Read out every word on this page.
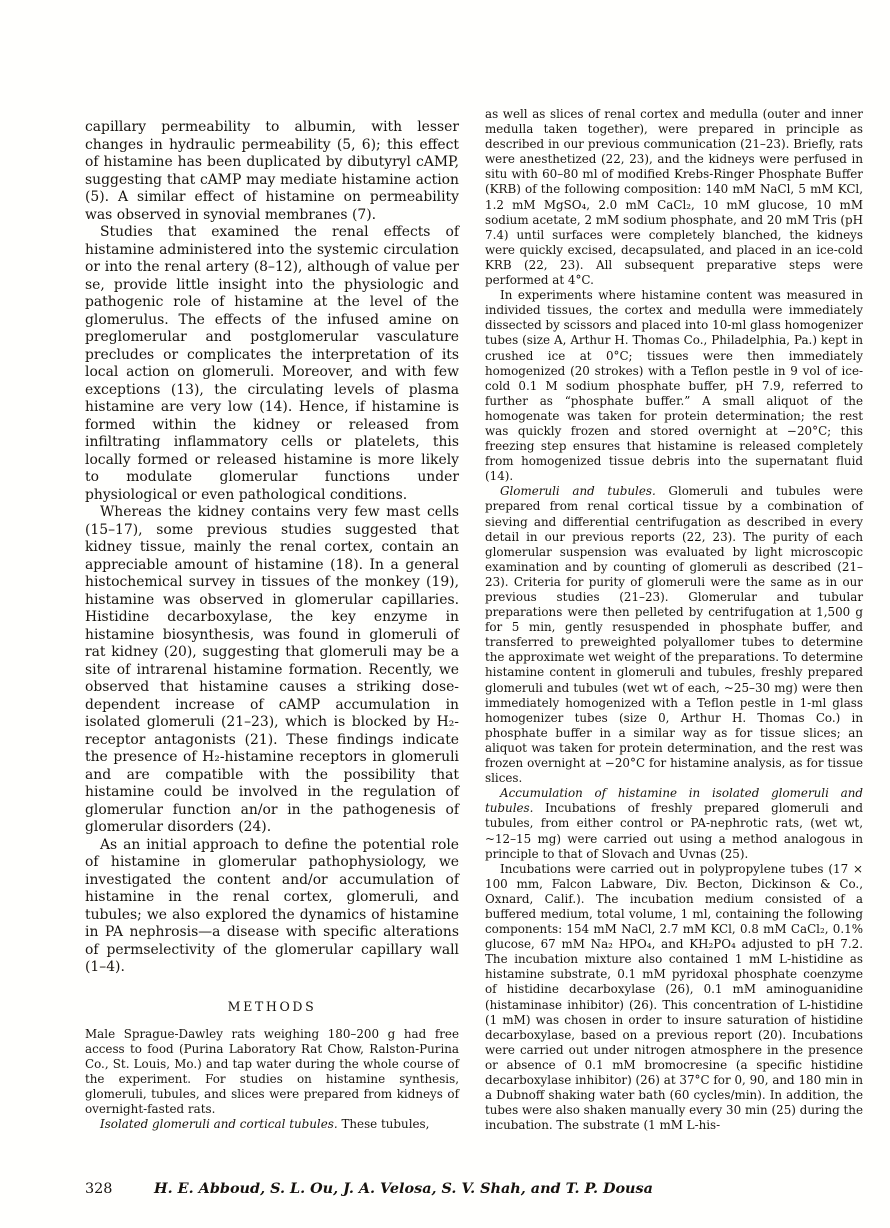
capillary permeability to albumin, with lesser changes in hydraulic permeability (5, 6); this effect of histamine has been duplicated by dibutyryl cAMP, suggesting that cAMP may mediate histamine action (5). A similar effect of histamine on permeability was observed in synovial membranes (7).

Studies that examined the renal effects of histamine administered into the systemic circulation or into the renal artery (8–12), although of value per se, provide little insight into the physiologic and pathogenic role of histamine at the level of the glomerulus. The effects of the infused amine on preglomerular and postglomerular vasculature precludes or complicates the interpretation of its local action on glomeruli. Moreover, and with few exceptions (13), the circulating levels of plasma histamine are very low (14). Hence, if histamine is formed within the kidney or released from infiltrating inflammatory cells or platelets, this locally formed or released histamine is more likely to modulate glomerular functions under physiological or even pathological conditions.

Whereas the kidney contains very few mast cells (15–17), some previous studies suggested that kidney tissue, mainly the renal cortex, contain an appreciable amount of histamine (18). In a general histochemical survey in tissues of the monkey (19), histamine was observed in glomerular capillaries. Histidine decarboxylase, the key enzyme in histamine biosynthesis, was found in glomeruli of rat kidney (20), suggesting that glomeruli may be a site of intrarenal histamine formation. Recently, we observed that histamine causes a striking dose-dependent increase of cAMP accumulation in isolated glomeruli (21–23), which is blocked by H₂-receptor antagonists (21). These findings indicate the presence of H₂-histamine receptors in glomeruli and are compatible with the possibility that histamine could be involved in the regulation of glomerular function an/or in the pathogenesis of glomerular disorders (24).

As an initial approach to define the potential role of histamine in glomerular pathophysiology, we investigated the content and/or accumulation of histamine in the renal cortex, glomeruli, and tubules; we also explored the dynamics of histamine in PA nephrosis—a disease with specific alterations of permselectivity of the glomerular capillary wall (1–4).

METHODS

Male Sprague-Dawley rats weighing 180–200 g had free access to food (Purina Laboratory Rat Chow, Ralston-Purina Co., St. Louis, Mo.) and tap water during the whole course of the experiment. For studies on histamine synthesis, glomeruli, tubules, and slices were prepared from kidneys of overnight-fasted rats.

Isolated glomeruli and cortical tubules. These tubules,

as well as slices of renal cortex and medulla (outer and inner medulla taken together), were prepared in principle as described in our previous communication (21–23). Briefly, rats were anesthetized (22, 23), and the kidneys were perfused in situ with 60–80 ml of modified Krebs-Ringer Phosphate Buffer (KRB) of the following composition: 140 mM NaCl, 5 mM KCl, 1.2 mM MgSO₄, 2.0 mM CaCl₂, 10 mM glucose, 10 mM sodium acetate, 2 mM sodium phosphate, and 20 mM Tris (pH 7.4) until surfaces were completely blanched, the kidneys were quickly excised, decapsulated, and placed in an ice-cold KRB (22, 23). All subsequent preparative steps were performed at 4°C.

In experiments where histamine content was measured in individed tissues, the cortex and medulla were immediately dissected by scissors and placed into 10-ml glass homogenizer tubes (size A, Arthur H. Thomas Co., Philadelphia, Pa.) kept in crushed ice at 0°C; tissues were then immediately homogenized (20 strokes) with a Teflon pestle in 9 vol of ice-cold 0.1 M sodium phosphate buffer, pH 7.9, referred to further as “phosphate buffer.” A small aliquot of the homogenate was taken for protein determination; the rest was quickly frozen and stored overnight at −20°C; this freezing step ensures that histamine is released completely from homogenized tissue debris into the supernatant fluid (14).

Glomeruli and tubules. Glomeruli and tubules were prepared from renal cortical tissue by a combination of sieving and differential centrifugation as described in every detail in our previous reports (22, 23). The purity of each glomerular suspension was evaluated by light microscopic examination and by counting of glomeruli as described (21–23). Criteria for purity of glomeruli were the same as in our previous studies (21–23). Glomerular and tubular preparations were then pelleted by centrifugation at 1,500 g for 5 min, gently resuspended in phosphate buffer, and transferred to preweighted polyallomer tubes to determine the approximate wet weight of the preparations. To determine histamine content in glomeruli and tubules, freshly prepared glomeruli and tubules (wet wt of each, ~25–30 mg) were then immediately homogenized with a Teflon pestle in 1-ml glass homogenizer tubes (size 0, Arthur H. Thomas Co.) in phosphate buffer in a similar way as for tissue slices; an aliquot was taken for protein determination, and the rest was frozen overnight at −20°C for histamine analysis, as for tissue slices.

Accumulation of histamine in isolated glomeruli and tubules. Incubations of freshly prepared glomeruli and tubules, from either control or PA-nephrotic rats, (wet wt, ~12–15 mg) were carried out using a method analogous in principle to that of Slovach and Uvnas (25).

Incubations were carried out in polypropylene tubes (17 × 100 mm, Falcon Labware, Div. Becton, Dickinson & Co., Oxnard, Calif.). The incubation medium consisted of a buffered medium, total volume, 1 ml, containing the following components: 154 mM NaCl, 2.7 mM KCl, 0.8 mM CaCl₂, 0.1% glucose, 67 mM Na₂ HPO₄, and KH₂PO₄ adjusted to pH 7.2. The incubation mixture also contained 1 mM L-histidine as histamine substrate, 0.1 mM pyridoxal phosphate coenzyme of histidine decarboxylase (26), 0.1 mM aminoguanidine (histaminase inhibitor) (26). This concentration of L-histidine (1 mM) was chosen in order to insure saturation of histidine decarboxylase, based on a previous report (20). Incubations were carried out under nitrogen atmosphere in the presence or absence of 0.1 mM bromocresine (a specific histidine decarboxylase inhibitor) (26) at 37°C for 0, 90, and 180 min in a Dubnoff shaking water bath (60 cycles/min). In addition, the tubes were also shaken manually every 30 min (25) during the incubation. The substrate (1 mM L-his-

328	H. E. Abboud, S. L. Ou, J. A. Velosa, S. V. Shah, and T. P. Dousa
